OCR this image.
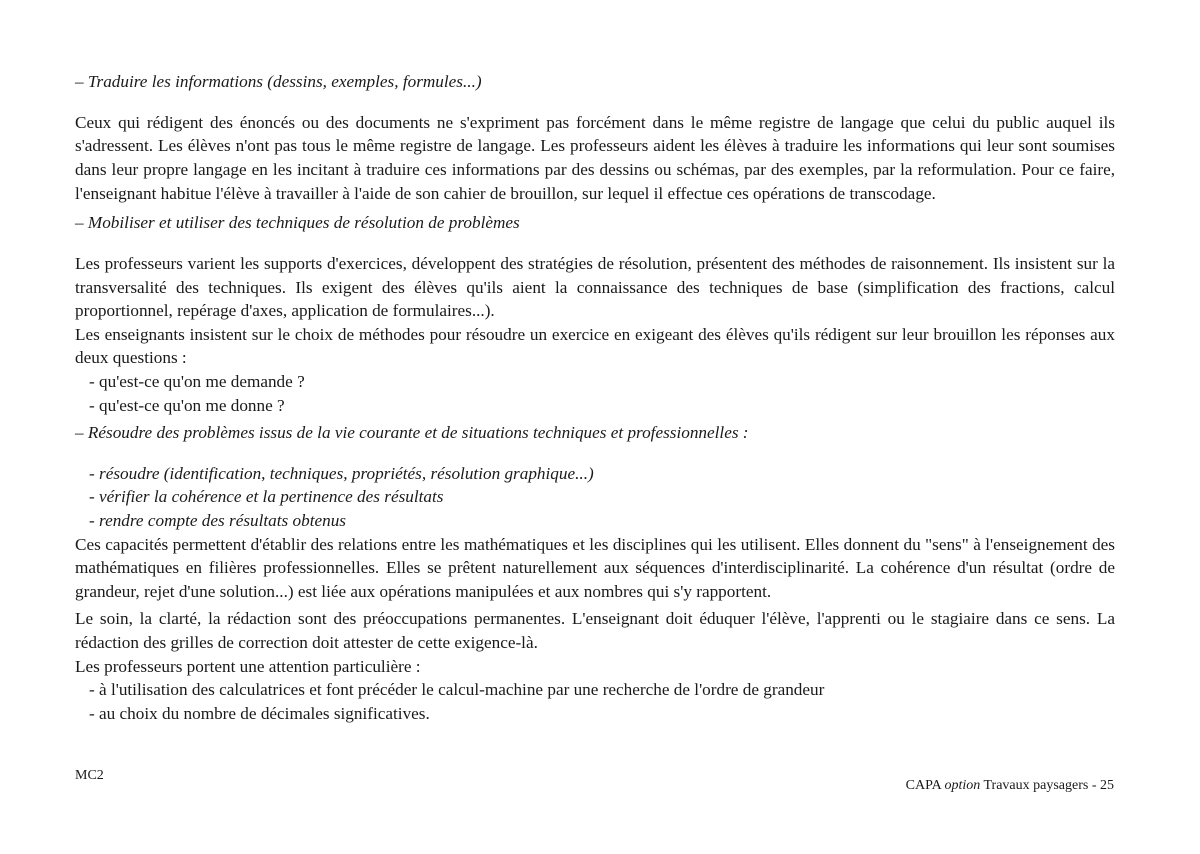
– Traduire les informations (dessins, exemples, formules...)

Ceux qui rédigent des énoncés ou des documents ne s'expriment pas forcément dans le même registre de langage que celui du public auquel ils s'adressent. Les élèves n'ont pas tous le même registre de langage. Les professeurs aident les élèves à traduire les informations qui leur sont soumises dans leur propre langage en les incitant à traduire ces informations par des dessins ou schémas, par des exemples, par la reformulation. Pour ce faire, l'enseignant habitue l'élève à travailler à l'aide de son cahier de brouillon, sur lequel il effectue ces opérations de transcodage.

– Mobiliser et utiliser des techniques de résolution de problèmes

Les professeurs varient les supports d'exercices, développent des stratégies de résolution, présentent des méthodes de raisonnement. Ils insistent sur la transversalité des techniques. Ils exigent des élèves qu'ils aient la connaissance des techniques de base (simplification des fractions, calcul proportionnel, repérage d'axes, application de formulaires...).

Les enseignants insistent sur le choix de méthodes pour résoudre un exercice en exigeant des élèves qu'ils rédigent sur leur brouillon les réponses aux deux questions :

- qu'est-ce qu'on me demande ?
- qu'est-ce qu'on me donne ?

– Résoudre des problèmes issus de la vie courante et de situations techniques et professionnelles :

- résoudre (identification, techniques, propriétés, résolution graphique...)
- vérifier la cohérence et la pertinence des résultats
- rendre compte des résultats obtenus

Ces capacités permettent d'établir des relations entre les mathématiques et les disciplines qui les utilisent. Elles donnent du "sens" à l'enseignement des mathématiques en filières professionnelles. Elles se prêtent naturellement aux séquences d'interdisciplinarité. La cohérence d'un résultat (ordre de grandeur, rejet d'une solution...) est liée aux opérations manipulées et aux nombres qui s'y rapportent.

Le soin, la clarté, la rédaction sont des préoccupations permanentes. L'enseignant doit éduquer l'élève, l'apprenti ou le stagiaire dans ce sens. La rédaction des grilles de correction doit attester de cette exigence-là.

Les professeurs portent une attention particulière :

- à l'utilisation des calculatrices et font précéder le calcul-machine par une recherche de l'ordre de grandeur
- au choix du nombre de décimales significatives.
MC2
CAPA option Travaux paysagers - 25
